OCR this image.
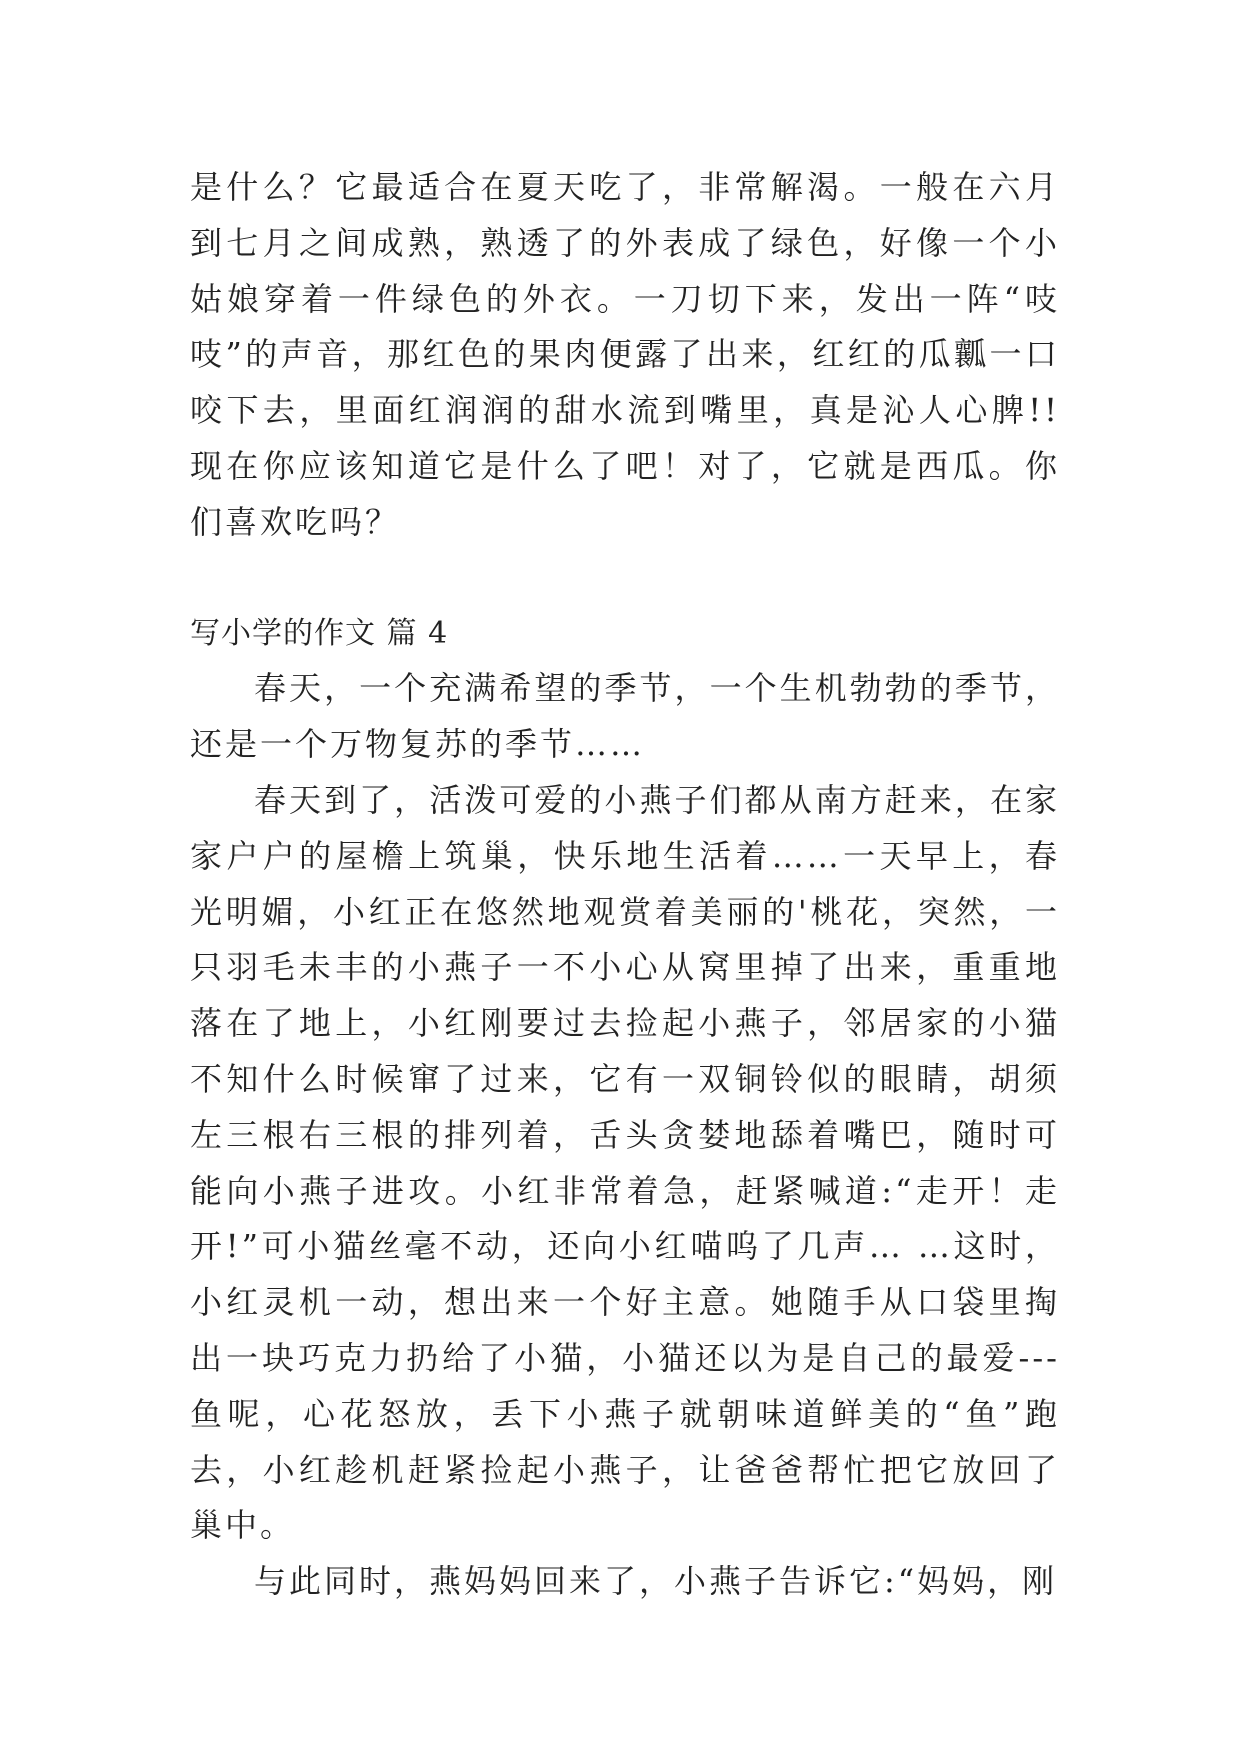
是什么？它最适合在夏天吃了，非常解渴。一般在六月到七月之间成熟，熟透了的外表成了绿色，好像一个小姑娘穿着一件绿色的外衣。一刀切下来，发出一阵“吱吱”的声音，那红色的果肉便露了出来，红红的瓜瓤一口咬下去，里面红润润的甜水流到嘴里，真是沁人心脾!! 现在你应该知道它是什么了吧！对了，它就是西瓜。你们喜欢吃吗？

写小学的作文 篇 4

春天，一个充满希望的季节，一个生机勃勃的季节，还是一个万物复苏的季节……

春天到了，活泼可爱的小燕子们都从南方赶来，在家家户户的屋檐上筑巢，快乐地生活着……一天早上，春光明媚，小红正在悠然地观赏着美丽的'桃花，突然，一只羽毛未丰的小燕子一不小心从窝里掉了出来，重重地落在了地上，小红刚要过去捡起小燕子，邻居家的小猫不知什么时候窜了过来，它有一双铜铃似的眼睛，胡须左三根右三根的排列着，舌头贪婪地舔着嘴巴，随时可能向小燕子进攻。小红非常着急，赶紧喊道:“走开！走开!”可小猫丝毫不动，还向小红喵呜了几声… …这时，小红灵机一动，想出来一个好主意。她随手从口袋里掏出一块巧克力扔给了小猫，小猫还以为是自己的最爱---鱼呢，心花怒放，丢下小燕子就朝味道鲜美的“鱼”跑去，小红趁机赶紧捡起小燕子，让爸爸帮忙把它放回了巢中。

与此同时，燕妈妈回来了，小燕子告诉它:“妈妈，刚
